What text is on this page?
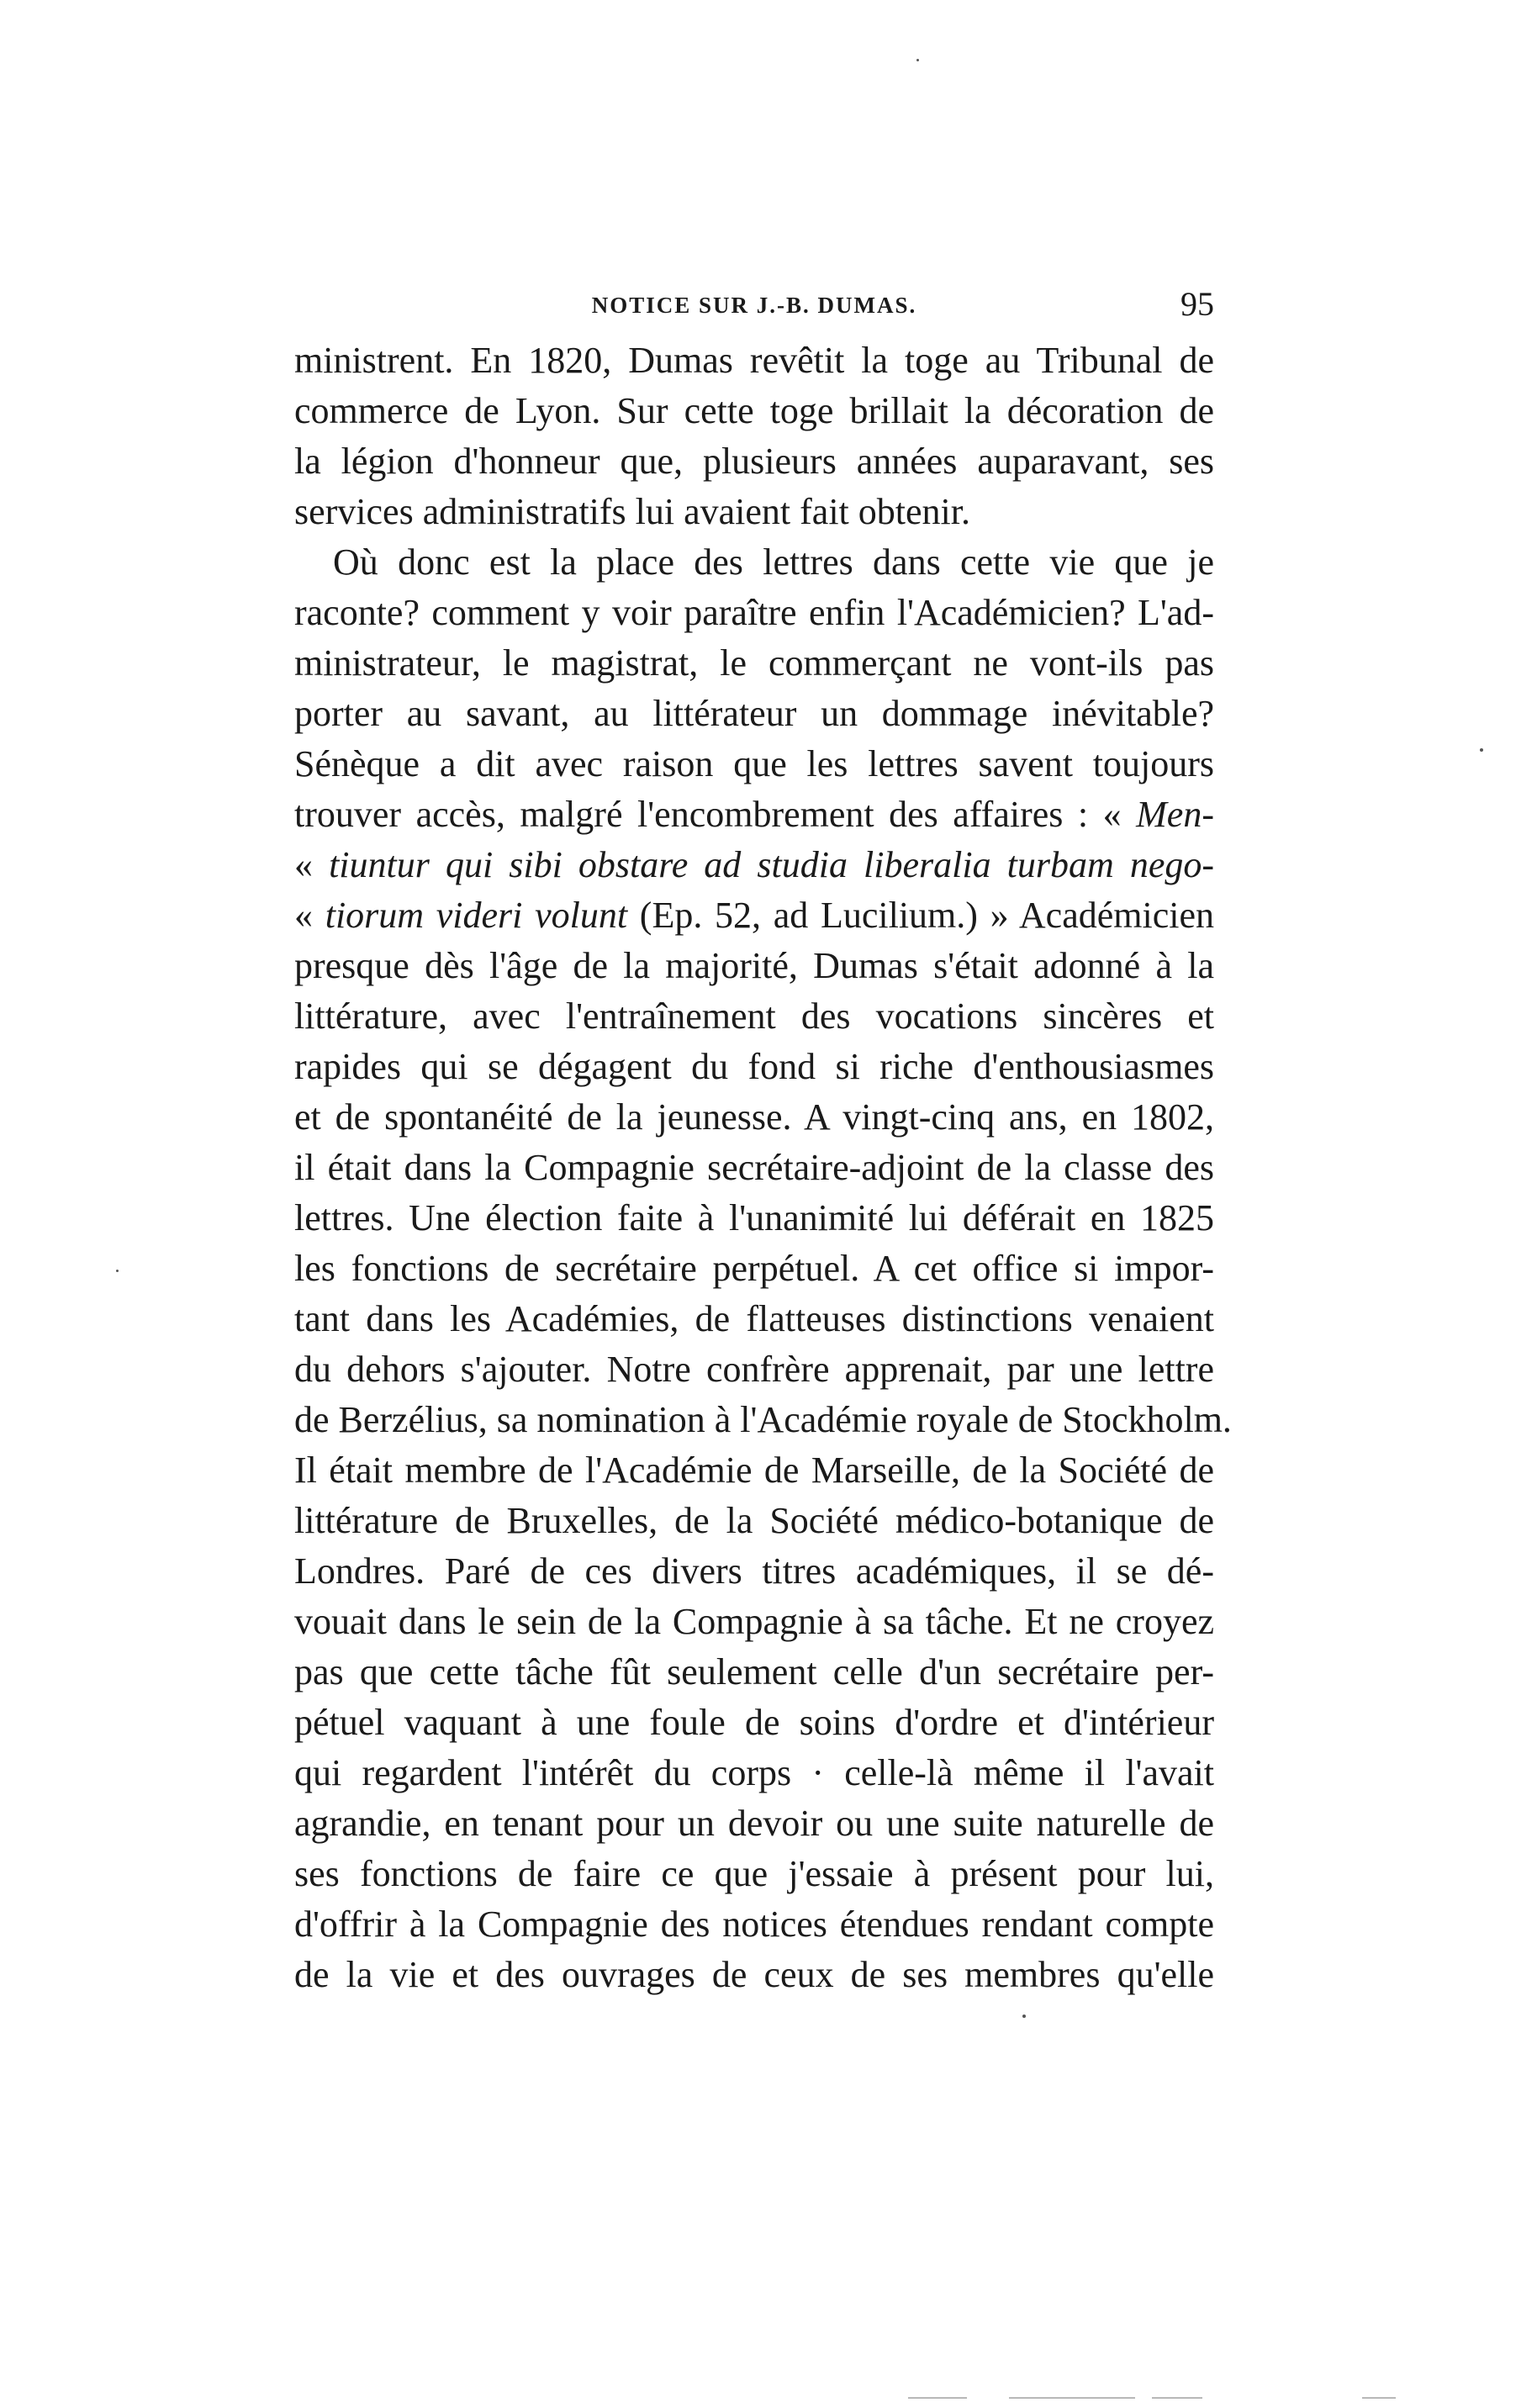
NOTICE SUR J.-B. DUMAS.	95
ministrent. En 1820, Dumas revêtit la toge au Tribunal de
commerce de Lyon. Sur cette toge brillait la décoration de
la légion d'honneur que, plusieurs années auparavant, ses
services administratifs lui avaient fait obtenir.
Où donc est la place des lettres dans cette vie que je
raconte? comment y voir paraître enfin l'Académicien? L'ad-
ministrateur, le magistrat, le commerçant ne vont-ils pas
porter au savant, au littérateur un dommage inévitable?
Sénèque a dit avec raison que les lettres savent toujours
trouver accès, malgré l'encombrement des affaires : « Men-
« tiuntur qui sibi obstare ad studia liberalia turbam nego-
« tiorum videri volunt (Ep. 52, ad Lucilium.) » Académicien
presque dès l'âge de la majorité, Dumas s'était adonné à la
littérature, avec l'entraînement des vocations sincères et
rapides qui se dégagent du fond si riche d'enthousiasmes
et de spontanéité de la jeunesse. A vingt-cinq ans, en 1802,
il était dans la Compagnie secrétaire-adjoint de la classe des
lettres. Une élection faite à l'unanimité lui déférait en 1825
les fonctions de secrétaire perpétuel. A cet office si impor-
tant dans les Académies, de flatteuses distinctions venaient
du dehors s'ajouter. Notre confrère apprenait, par une lettre
de Berzélius, sa nomination à l'Académie royale de Stockholm.
Il était membre de l'Académie de Marseille, de la Société de
littérature de Bruxelles, de la Société médico-botanique de
Londres. Paré de ces divers titres académiques, il se dé-
vouait dans le sein de la Compagnie à sa tâche. Et ne croyez
pas que cette tâche fût seulement celle d'un secrétaire per-
pétuel vaquant à une foule de soins d'ordre et d'intérieur
qui regardent l'intérêt du corps · celle-là même il l'avait
agrandie, en tenant pour un devoir ou une suite naturelle de
ses fonctions de faire ce que j'essaie à présent pour lui,
d'offrir à la Compagnie des notices étendues rendant compte
de la vie et des ouvrages de ceux de ses membres qu'elle
